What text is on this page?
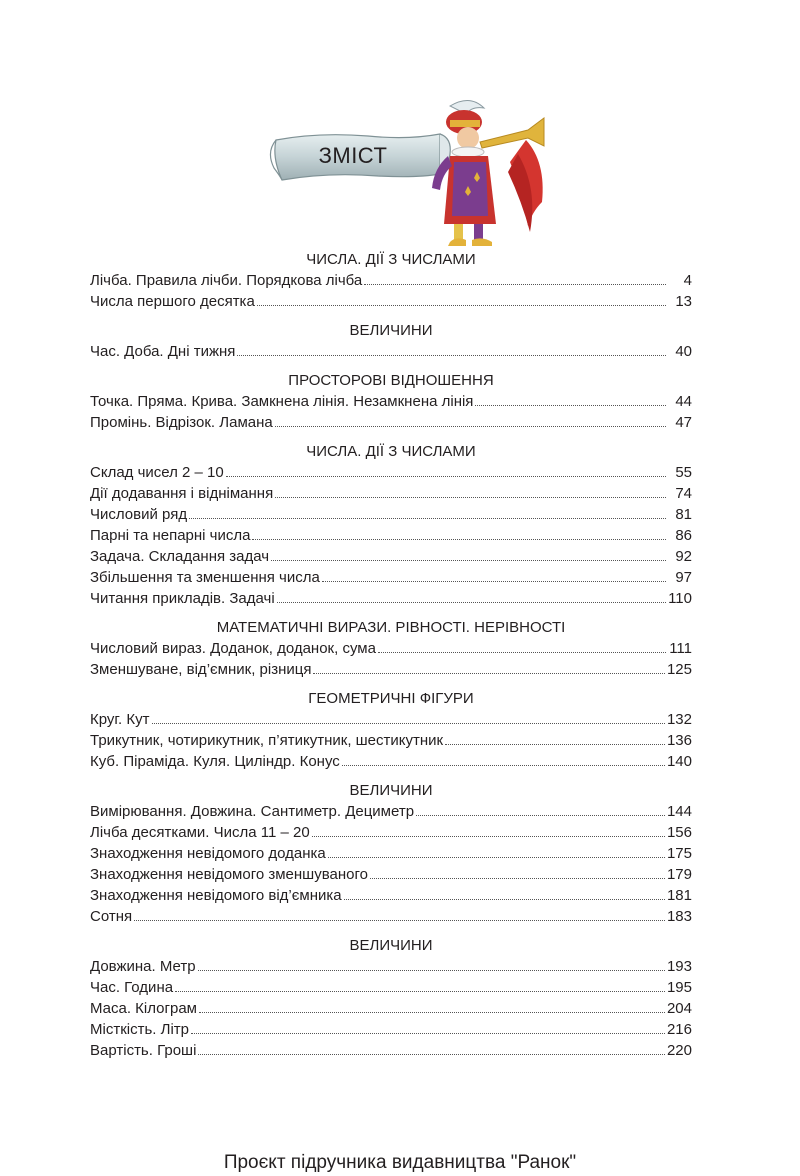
ЗМІСТ
ЧИСЛА. ДІЇ З ЧИСЛАМИ
Лічба. Правила лічби. Порядкова лічба	4
Числа першого десятка	13
ВЕЛИЧИНИ
Час. Доба. Дні тижня	40
ПРОСТОРОВІ ВІДНОШЕННЯ
Точка. Пряма. Крива. Замкнена лінія. Незамкнена лінія	44
Промінь. Відрізок. Ламана	47
ЧИСЛА. ДІЇ З ЧИСЛАМИ
Склад чисел 2 – 10	55
Дії додавання і віднімання	74
Числовий ряд	81
Парні та непарні числа	86
Задача. Складання задач	92
Збільшення та зменшення числа	97
Читання прикладів. Задачі	110
МАТЕМАТИЧНІ ВИРАЗИ. РІВНОСТІ. НЕРІВНОСТІ
Числовий вираз. Доданок, доданок, сума	111
Зменшуване, від’ємник, різниця	125
ГЕОМЕТРИЧНІ ФІГУРИ
Круг. Кут	132
Трикутник, чотирикутник, п’ятикутник, шестикутник	136
Куб. Піраміда. Куля. Циліндр. Конус	140
ВЕЛИЧИНИ
Вимірювання. Довжина. Сантиметр. Дециметр	144
Лічба десятками. Числа 11 – 20	156
Знаходження невідомого доданка	175
Знаходження невідомого зменшуваного	179
Знаходження невідомого від’ємника	181
Сотня	183
ВЕЛИЧИНИ
Довжина. Метр	193
Час. Година	195
Маса. Кілограм	204
Місткість. Літр	216
Вартість. Гроші	220
Проєкт підручника видавництва "Ранок"
